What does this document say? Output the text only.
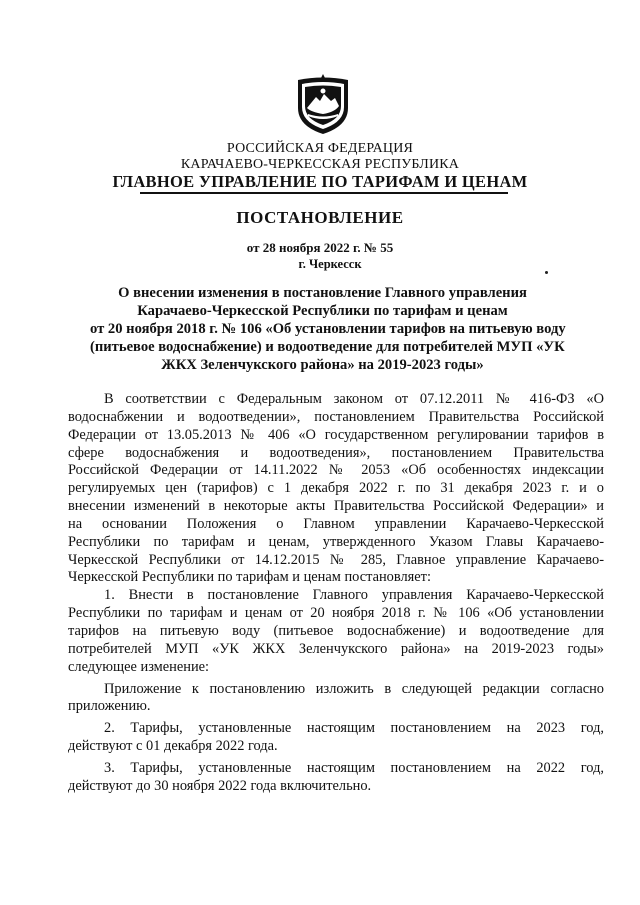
РОССИЙСКАЯ ФЕДЕРАЦИЯ
КАРАЧАЕВО-ЧЕРКЕССКАЯ РЕСПУБЛИКА
ГЛАВНОЕ УПРАВЛЕНИЕ ПО ТАРИФАМ И ЦЕНАМ
ПОСТАНОВЛЕНИЕ
от 28 ноября 2022 г. № 55
г. Черкесск
О внесении изменения в постановление Главного управления
Карачаево-Черкесской Республики по тарифам и ценам
от 20 ноября 2018 г. № 106 «Об установлении тарифов на питьевую воду
(питьевое водоснабжение) и водоотведение для потребителей МУП «УК
ЖКХ Зеленчукского района» на 2019-2023 годы»
В соответствии с Федеральным законом от 07.12.2011 № 416-ФЗ «О
водоснабжении и водоотведении», постановлением Правительства Российской
Федерации от 13.05.2013 № 406 «О государственном регулировании тарифов в
сфере водоснабжения и водоотведения», постановлением Правительства
Российской Федерации от 14.11.2022 № 2053 «Об особенностях индексации
регулируемых цен (тарифов) с 1 декабря 2022 г. по 31 декабря 2023 г. и о
внесении изменений в некоторые акты Правительства Российской Федерации» и
на основании Положения о Главном управлении Карачаево-Черкесской
Республики по тарифам и ценам, утвержденного Указом Главы Карачаево-
Черкесской Республики от 14.12.2015 № 285, Главное управление Карачаево-
Черкесской Республики по тарифам и ценам постановляет:
1. Внести в постановление Главного управления Карачаево-Черкесской
Республики по тарифам и ценам от 20 ноября 2018 г. № 106 «Об установлении
тарифов на питьевую воду (питьевое водоснабжение) и водоотведение для
потребителей МУП «УК ЖКХ Зеленчукского района» на 2019-2023 годы»
следующее изменение:
Приложение к постановлению изложить в следующей редакции согласно
приложению.
2. Тарифы, установленные настоящим постановлением на 2023 год,
действуют с 01 декабря 2022 года.
3. Тарифы, установленные настоящим постановлением на 2022 год,
действуют до 30 ноября 2022 года включительно.
